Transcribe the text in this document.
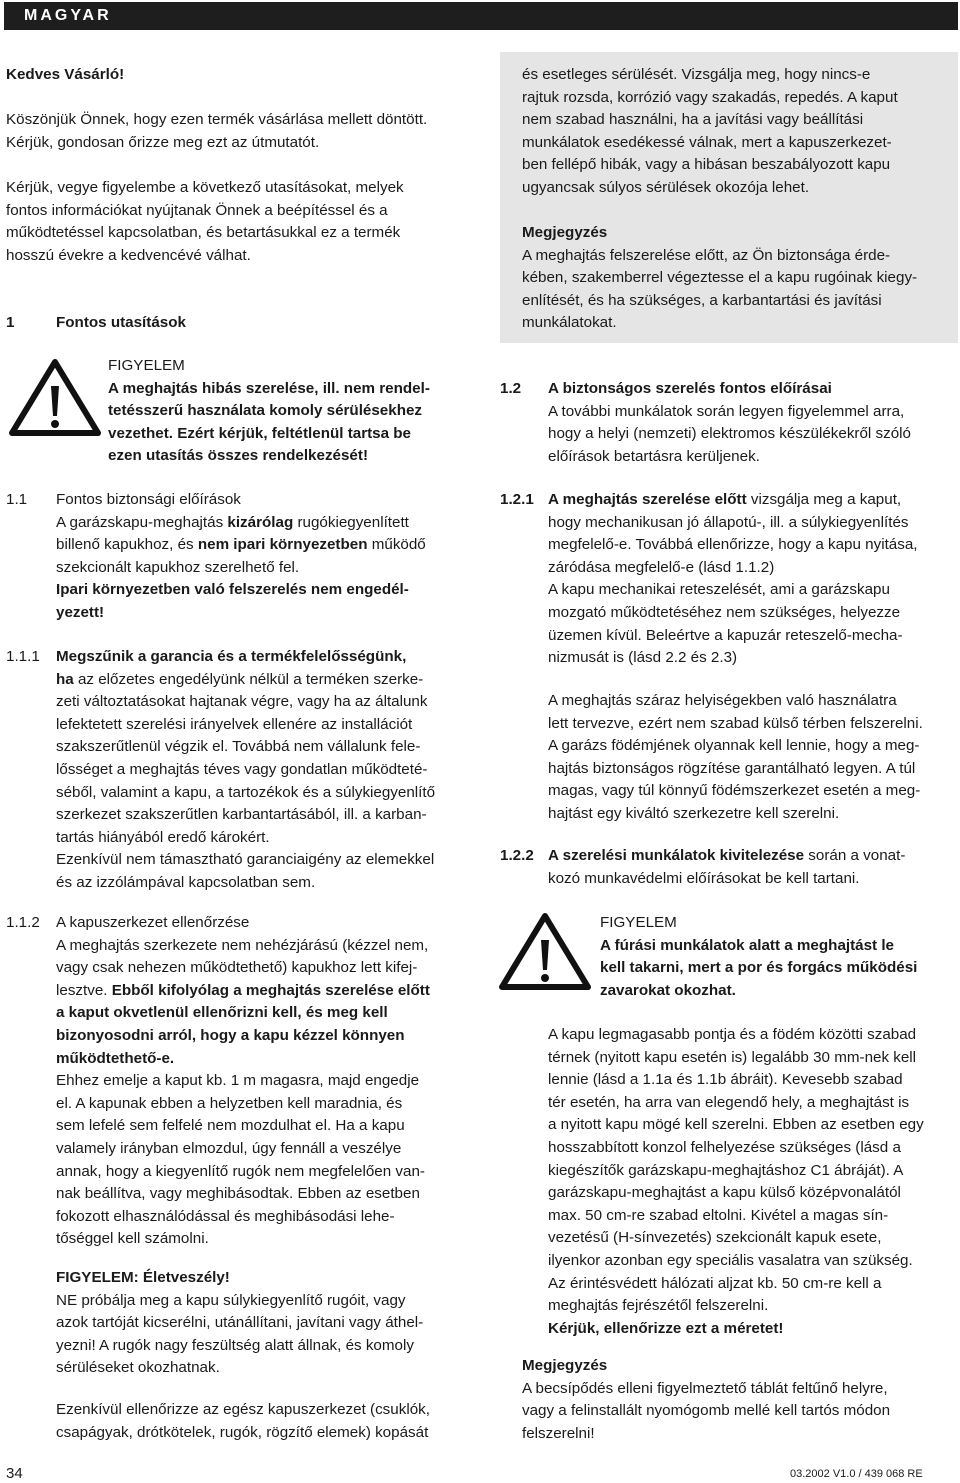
MAGYAR
Kedves Vásárló!
Köszönjük Önnek, hogy ezen termék vásárlása mellett döntött.
Kérjük, gondosan őrizze meg ezt az útmutatót.
Kérjük, vegye figyelembe a következő utasításokat, melyek
fontos információkat nyújtanak Önnek a beépítéssel és a
működtetéssel kapcsolatban, és betartásukkal ez a termék
hosszú évekre a kedvencévé válhat.
1	Fontos utasítások
FIGYELEM
A meghajtás hibás szerelése, ill. nem rendel-
tetésszerű használata komoly sérülésekhez
vezethet. Ezért kérjük, feltétlenül tartsa be
ezen utasítás összes rendelkezését!
1.1 Fontos biztonsági előírások
A garázskapu-meghajtás kizárólag rugókiegyenlített
billenő kapukhoz, és nem ipari környezetben működő
szekcionált kapukhoz szerelhető fel.
Ipari környezetben való felszerelés nem engedél-
yezett!
1.1.1 Megszűnik a garancia és a termékfelelősségünk,
ha az előzetes engedélyünk nélkül a terméken szerke-
zeti változtatásokat hajtanak végre, vagy ha az általunk
lefektetett szerelési irányelvek ellenére az installációt
szakszerűtlenül végzik el. Továbbá nem vállalunk fele-
lősséget a meghajtás téves vagy gondatlan működteté-
séből, valamint a kapu, a tartozékok és a súlykiegyenlítő
szerkezet szakszerűtlen karbantartásából, ill. a karban-
tartás hiányából eredő károkért.
Ezenkívül nem támasztható garanciaigény az elemekkel
és az izzólámpával kapcsolatban sem.
1.1.2 A kapuszerkezet ellenőrzése
A meghajtás szerkezete nem nehézjárású (kézzel nem,
vagy csak nehezen működtethető) kapukhoz lett kifej-
lesztve. Ebből kifolyólag a meghajtás szerelése előtt
a kaput okvetlenül ellenőrizni kell, és meg kell
bizonyosodni arról, hogy a kapu kézzel könnyen
működtethető-e.
Ehhez emelje a kaput kb. 1 m magasra, majd engedje
el. A kapunak ebben a helyzetben kell maradnia, és
sem lefelé sem felfelé nem mozdulhat el. Ha a kapu
valamely irányban elmozdul, úgy fennáll a veszélye
annak, hogy a kiegyenlítő rugók nem megfelelően van-
nak beállítva, vagy meghibásodtak. Ebben az esetben
fokozott elhasználódással és meghibásodási lehe-
tőséggel kell számolni.
FIGYELEM: Életveszély!
NE próbálja meg a kapu súlykiegyenlítő rugóit, vagy
azok tartóját kicserélni, utánállítani, javítani vagy áthel-
yezni! A rugók nagy feszültség alatt állnak, és komoly
sérüléseket okozhatnak.
Ezenkívül ellenőrizze az egész kapuszerkezet (csuklók,
csapágyak, drótkötelek, rugók, rögzítő elemek) kopását
és esetleges sérülését. Vizsgálja meg, hogy nincs-e
rajtuk rozsda, korrózió vagy szakadás, repedés. A kaput
nem szabad használni, ha a javítási vagy beállítási
munkálatok esedékessé válnak, mert a kapuszerkezet-
ben fellépő hibák, vagy a hibásan beszabályozott kapu
ugyancsak súlyos sérülések okozója lehet.
Megjegyzés
A meghajtás felszerelése előtt, az Ön biztonsága érde-
kében, szakemberrel végeztesse el a kapu rugóinak kiegy-
enlítését, és ha szükséges, a karbantartási és javítási
munkálatokat.
1.2 A biztonságos szerelés fontos előírásai
A további munkálatok során legyen figyelemmel arra,
hogy a helyi (nemzeti) elektromos készülékekről szóló
előírások betartásra kerüljenek.
1.2.1 A meghajtás szerelése előtt vizsgálja meg a kaput,
hogy mechanikusan jó állapotú-, ill. a súlykiegyenlítés
megfelelő-e. Továbbá ellenőrizze, hogy a kapu nyitása,
záródása megfelelő-e (lásd 1.1.2)
A kapu mechanikai reteszelését, ami a garázskapu
mozgató működtetéséhez nem szükséges, helyezze
üzemen kívül. Beleértve a kapuzár reteszelő-mecha-
nizmusát is (lásd 2.2 és 2.3)
A meghajtás száraz helyiségekben való használatra
lett tervezve, ezért nem szabad külső térben felszerelni.
A garázs födémjének olyannak kell lennie, hogy a meg-
hajtás biztonságos rögzítése garantálható legyen. A túl
magas, vagy túl könnyű födémszerkezet esetén a meg-
hajtást egy kiváltó szerkezetre kell szerelni.
1.2.2 A szerelési munkálatok kivitelezése során a vonat-
kozó munkavédelmi előírásokat be kell tartani.
FIGYELEM
A fúrási munkálatok alatt a meghajtást le
kell takarni, mert a por és forgács működési
zavarokat okozhat.
A kapu legmagasabb pontja és a födém közötti szabad
térnek (nyitott kapu esetén is) legalább 30 mm-nek kell
lennie (lásd a 1.1a és 1.1b ábráit). Kevesebb szabad
tér esetén, ha arra van elegendő hely, a meghajtást is
a nyitott kapu mögé kell szerelni. Ebben az esetben egy
hosszabbított konzol felhelyezése szükséges (lásd a
kiegészítők garázskapu-meghajtáshoz C1 ábráját). A
garázskapu-meghajtást a kapu külső középvonalától
max. 50 cm-re szabad eltolni. Kivétel a magas sín-
vezetésű (H-sínvezetés) szekcionált kapuk esete,
ilyenkor azonban egy speciális vasalatra van szükség.
Az érintésvédett hálózati aljzat kb. 50 cm-re kell a
meghajtás fejrészétől felszerelni.
Kérjük, ellenőrizze ezt a méretet!
Megjegyzés
A becsípődés elleni figyelmeztető táblát feltűnő helyre,
vagy a felinstallált nyomógomb mellé kell tartós módon
felszerelni!
34	03.2002 V1.0 / 439 068 RE
